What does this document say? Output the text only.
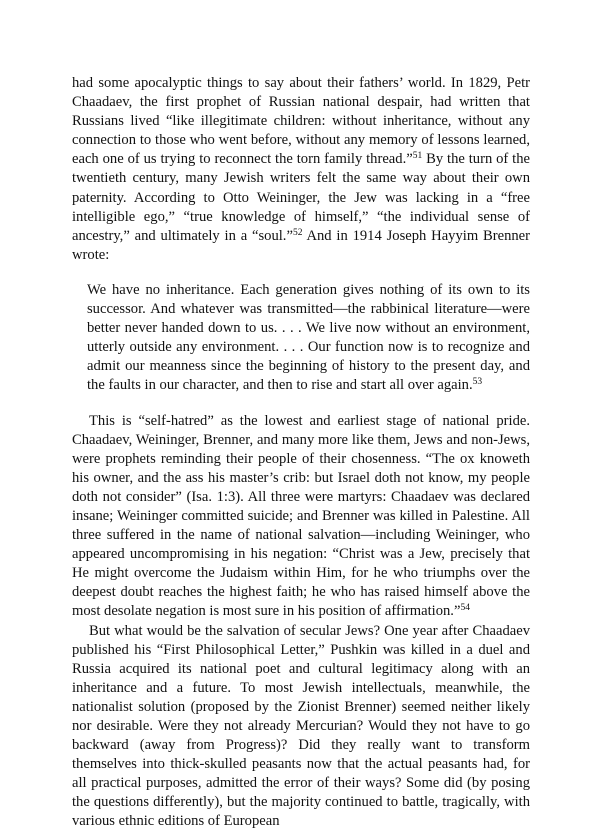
had some apocalyptic things to say about their fathers’ world. In 1829, Petr Chaadaev, the first prophet of Russian national despair, had written that Russians lived “like illegitimate children: without inheritance, without any connection to those who went before, without any memory of lessons learned, each one of us trying to reconnect the torn family thread.”$^{51}$ By the turn of the twentieth century, many Jewish writers felt the same way about their own paternity. According to Otto Weininger, the Jew was lacking in a “free intelligible ego,” “true knowledge of himself,” “the individual sense of ancestry,” and ultimately in a “soul.”$^{52}$ And in 1914 Joseph Hayyim Brenner wrote:

We have no inheritance. Each generation gives nothing of its own to its successor. And whatever was transmitted—the rabbinical literature—were better never handed down to us. . . . We live now without an environment, utterly outside any environment. . . . Our function now is to recognize and admit our meanness since the beginning of history to the present day, and the faults in our character, and then to rise and start all over again.$^{53}$

This is “self-hatred” as the lowest and earliest stage of national pride. Chaadaev, Weininger, Brenner, and many more like them, Jews and non-Jews, were prophets reminding their people of their chosenness. “The ox knoweth his owner, and the ass his master’s crib: but Israel doth not know, my people doth not consider” (Isa. 1:3). All three were martyrs: Chaadaev was declared insane; Weininger committed suicide; and Brenner was killed in Palestine. All three suffered in the name of national salvation—including Weininger, who appeared uncompromising in his negation: “Christ was a Jew, precisely that He might overcome the Judaism within Him, for he who triumphs over the deepest doubt reaches the highest faith; he who has raised himself above the most desolate negation is most sure in his position of affirmation.”$^{54}$

But what would be the salvation of secular Jews? One year after Chaadaev published his “First Philosophical Letter,” Pushkin was killed in a duel and Russia acquired its national poet and cultural legitimacy along with an inheritance and a future. To most Jewish intellectuals, meanwhile, the nationalist solution (proposed by the Zionist Brenner) seemed neither likely nor desirable. Were they not already Mercurian? Would they not have to go backward (away from Progress)? Did they really want to transform themselves into thick-skulled peasants now that the actual peasants had, for all practical purposes, admitted the error of their ways? Some did (by posing the questions differently), but the majority continued to battle, tragically, with various ethnic editions of European
